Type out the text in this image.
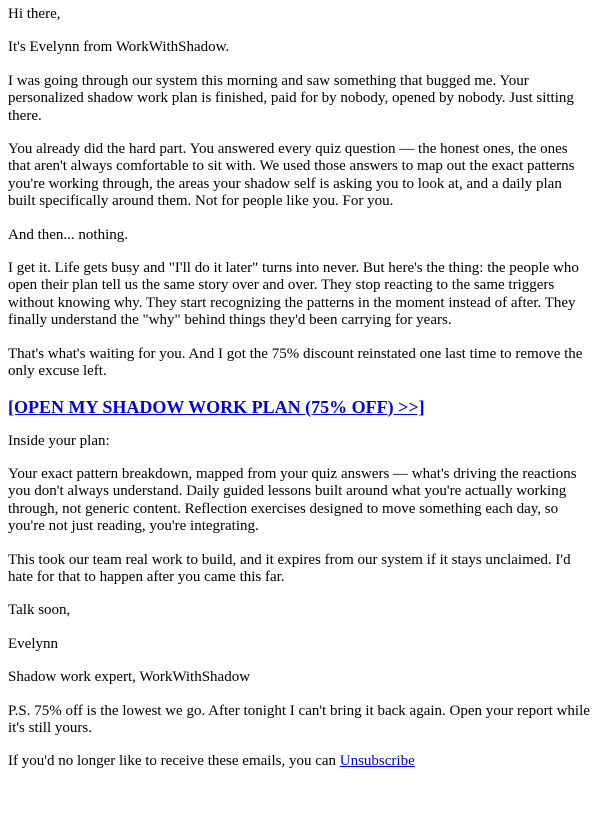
Hi there,

It's Evelynn from WorkWithShadow.

I was going through our system this morning and saw something that bugged me. Your personalized shadow work plan is finished, paid for by nobody, opened by nobody. Just sitting there.

You already did the hard part. You answered every quiz question — the honest ones, the ones that aren't always comfortable to sit with. We used those answers to map out the exact patterns you're working through, the areas your shadow self is asking you to look at, and a daily plan built specifically around them. Not for people like you. For you.

And then... nothing.

I get it. Life gets busy and "I'll do it later" turns into never. But here's the thing: the people who open their plan tell us the same story over and over. They stop reacting to the same triggers without knowing why. They start recognizing the patterns in the moment instead of after. They finally understand the "why" behind things they'd been carrying for years.

That's what's waiting for you. And I got the 75% discount reinstated one last time to remove the only excuse left.

[OPEN MY SHADOW WORK PLAN (75% OFF) >>]

Inside your plan:

Your exact pattern breakdown, mapped from your quiz answers — what's driving the reactions you don't always understand. Daily guided lessons built around what you're actually working through, not generic content. Reflection exercises designed to move something each day, so you're not just reading, you're integrating.

This took our team real work to build, and it expires from our system if it stays unclaimed. I'd hate for that to happen after you came this far.

Talk soon,

Evelynn

Shadow work expert, WorkWithShadow

P.S. 75% off is the lowest we go. After tonight I can't bring it back again. Open your report while it's still yours.

If you'd no longer like to receive these emails, you can Unsubscribe
